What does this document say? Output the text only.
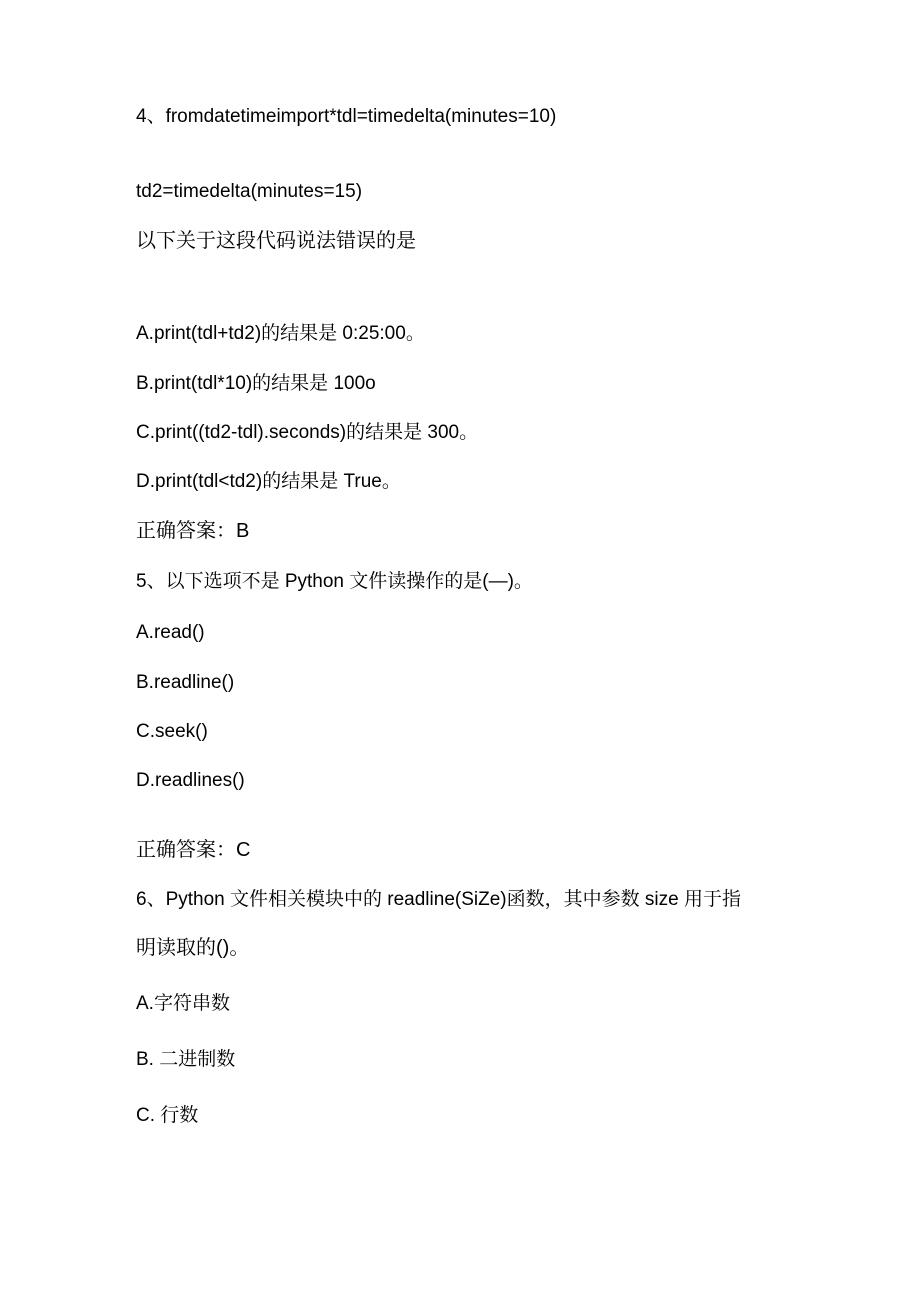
4、fromdatetimeimport*tdl=timedelta(minutes=10)
td2=timedelta(minutes=15)
以下关于这段代码说法错误的是
A.print(tdl+td2)的结果是 0:25:00。
B.print(tdl*10)的结果是 100o
C.print((td2-tdl).seconds)的结果是 300。
D.print(tdl<td2)的结果是 True。
正确答案：B
5、以下选项不是 Python 文件读操作的是(—)。
A.read()
B.readline()
C.seek()
D.readlines()
正确答案：C
6、Python 文件相关模块中的 readline(SiZe)函数，其中参数 size 用于指
明读取的()。
A.字符串数
B. 二进制数
C. 行数
